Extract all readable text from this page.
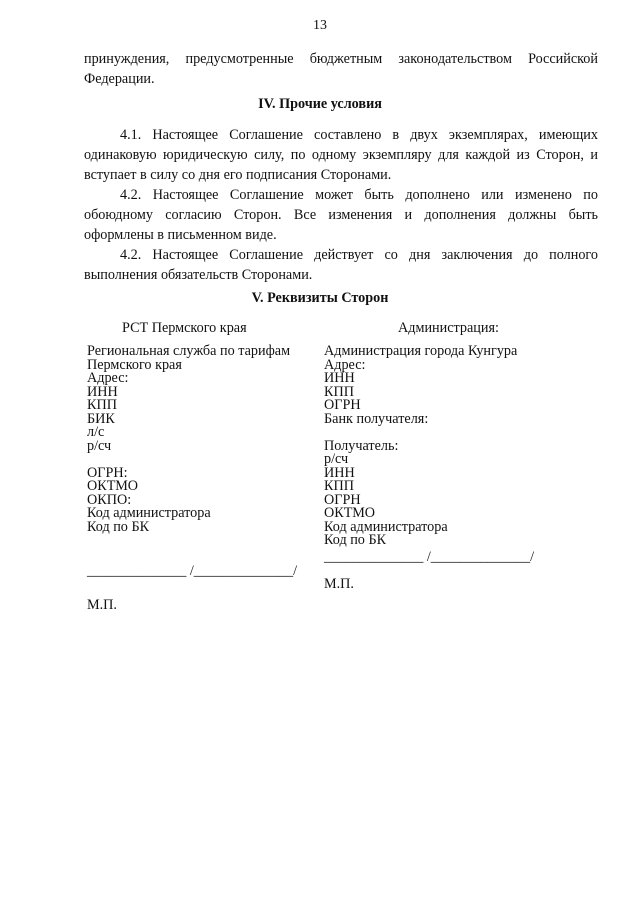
13

принуждения, предусмотренные бюджетным законодательством Российской Федерации.

IV. Прочие условия

4.1. Настоящее Соглашение составлено в двух экземплярах, имеющих одинаковую юридическую силу, по одному экземпляру для каждой из Сторон, и вступает в силу со дня его подписания Сторонами.

4.2. Настоящее Соглашение может быть дополнено или изменено по обоюдному согласию Сторон. Все изменения и дополнения должны быть оформлены в письменном виде.

4.2. Настоящее Соглашение действует со дня заключения до полного выполнения обязательств Сторонами.

V. Реквизиты Сторон
РСТ Пермского края	Администрация:
Региональная служба по тарифам
Пермского края
Адрес:
ИНН
КПП
БИК
л/с
р/сч

ОГРН:
ОКТМО
ОКПО:
Код администратора
Код по БК
Администрация города Кунгура
Адрес:
ИНН
КПП
ОГРН
Банк получателя:

Получатель:
р/сч
ИНН
КПП
ОГРН
ОКТМО
Код администратора
Код по БК
______________ /______________/
______________ /______________/
М.П.
М.П.
